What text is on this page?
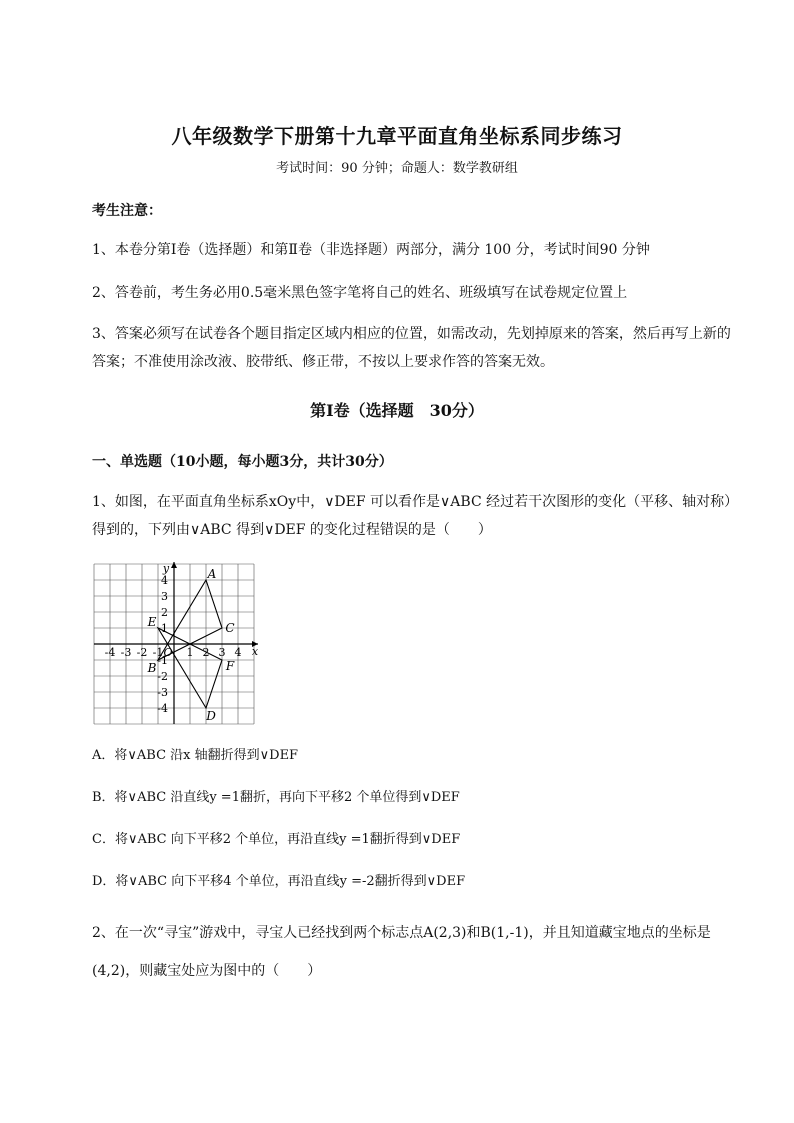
八年级数学下册第十九章平面直角坐标系同步练习
考试时间：90 分钟；命题人：数学教研组
考生注意：
1、本卷分第Ⅰ卷（选择题）和第Ⅱ卷（非选择题）两部分，满分 100 分，考试时间90 分钟
2、答卷前，考生务必用0.5毫米黑色签字笔将自己的姓名、班级填写在试卷规定位置上
3、答案必须写在试卷各个题目指定区域内相应的位置，如需改动，先划掉原来的答案，然后再写上新的答案；不准使用涂改液、胶带纸、修正带，不按以上要求作答的答案无效。
第Ⅰ卷（选择题　30分）
一、单选题（10小题，每小题3分，共计30分）
1、如图，在平面直角坐标系xOy中，∨DEF 可以看作是∨ABC 经过若干次图形的变化（平移、轴对称）得到的，下列由∨ABC 得到∨DEF 的变化过程错误的是（　　）
-4 -3 -2 -1 O 1 2 3 4
4
3
2
1
-1
-2
-3
-4
x
y	A
B
C
D
E
F
A．将∨ABC 沿x 轴翻折得到∨DEF
B．将∨ABC 沿直线y =1翻折，再向下平移2 个单位得到∨DEF
C．将∨ABC 向下平移2 个单位，再沿直线y =1翻折得到∨DEF
D．将∨ABC 向下平移4 个单位，再沿直线y =-2翻折得到∨DEF
2、在一次“寻宝”游戏中，寻宝人已经找到两个标志点A(2,3)和B(1,-1)，并且知道藏宝地点的坐标是(4,2)，则藏宝处应为图中的（　　）
